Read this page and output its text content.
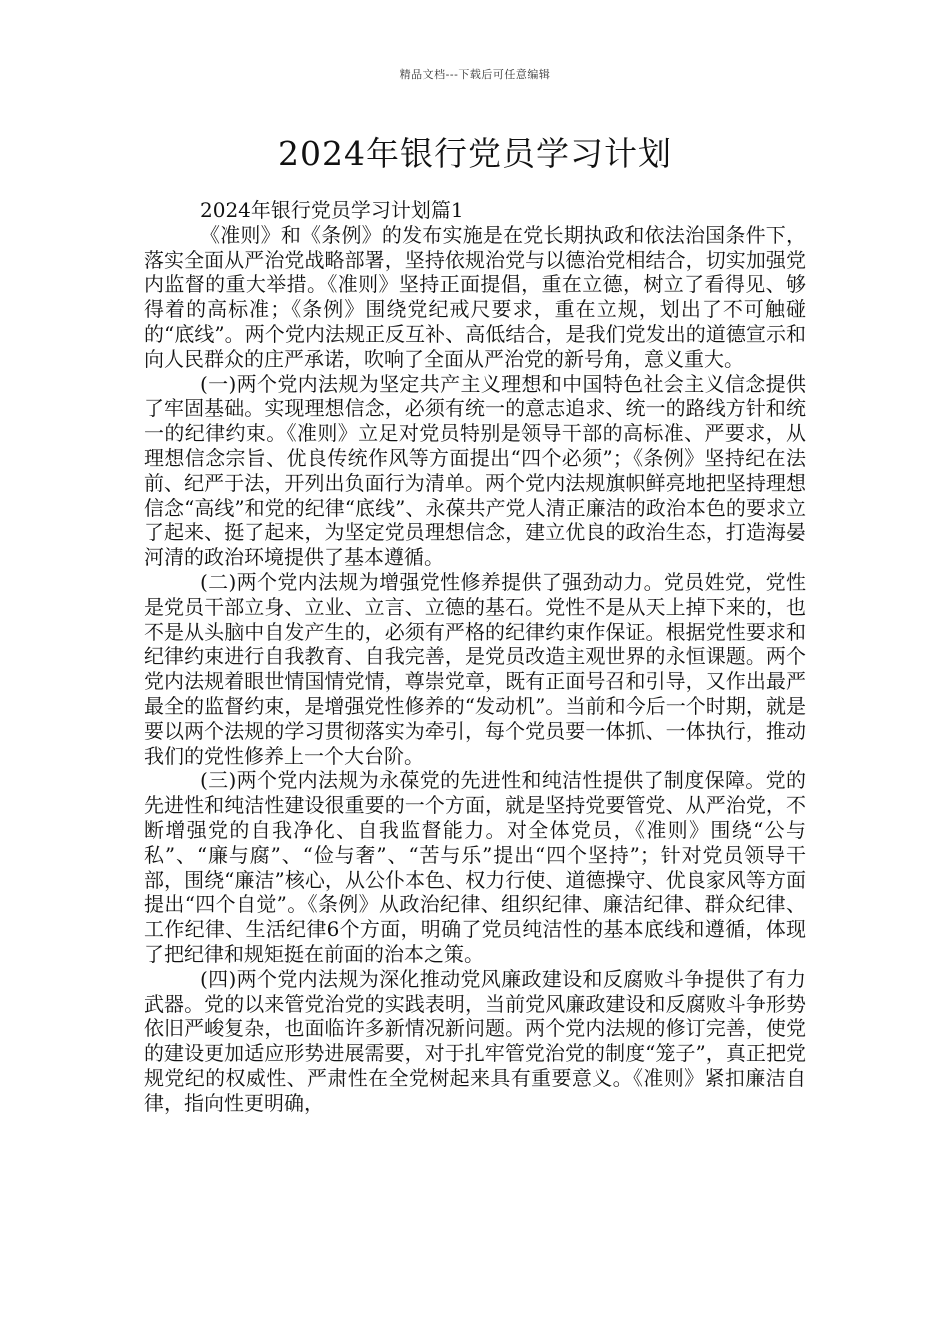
精品文档---下载后可任意编辑
2024年银行党员学习计划

2024年银行党员学习计划篇1

《准则》和《条例》的发布实施是在党长期执政和依法治国条件下，落实全面从严治党战略部署，坚持依规治党与以德治党相结合，切实加强党内监督的重大举措。《准则》坚持正面提倡，重在立德，树立了看得见、够得着的高标准；《条例》围绕党纪戒尺要求，重在立规，划出了不可触碰的“底线”。两个党内法规正反互补、高低结合，是我们党发出的道德宣示和向人民群众的庄严承诺，吹响了全面从严治党的新号角，意义重大。

(一)两个党内法规为坚定共产主义理想和中国特色社会主义信念提供了牢固基础。实现理想信念，必须有统一的意志追求、统一的路线方针和统一的纪律约束。《准则》立足对党员特别是领导干部的高标准、严要求，从理想信念宗旨、优良传统作风等方面提出“四个必须”；《条例》坚持纪在法前、纪严于法，开列出负面行为清单。两个党内法规旗帜鲜亮地把坚持理想信念“高线”和党的纪律“底线”、永葆共产党人清正廉洁的政治本色的要求立了起来、挺了起来，为坚定党员理想信念，建立优良的政治生态，打造海晏河清的政治环境提供了基本遵循。

(二)两个党内法规为增强党性修养提供了强劲动力。党员姓党，党性是党员干部立身、立业、立言、立德的基石。党性不是从天上掉下来的，也不是从头脑中自发产生的，必须有严格的纪律约束作保证。根据党性要求和纪律约束进行自我教育、自我完善，是党员改造主观世界的永恒课题。两个党内法规着眼世情国情党情，尊崇党章，既有正面号召和引导，又作出最严最全的监督约束，是增强党性修养的“发动机”。当前和今后一个时期，就是要以两个法规的学习贯彻落实为牵引，每个党员要一体抓、一体执行，推动我们的党性修养上一个大台阶。

(三)两个党内法规为永葆党的先进性和纯洁性提供了制度保障。党的先进性和纯洁性建设很重要的一个方面，就是坚持党要管党、从严治党，不断增强党的自我净化、自我监督能力。对全体党员，《准则》围绕“公与私”、“廉与腐”、“俭与奢”、“苦与乐”提出“四个坚持”；针对党员领导干部，围绕“廉洁”核心，从公仆本色、权力行使、道德操守、优良家风等方面提出“四个自觉”。《条例》从政治纪律、组织纪律、廉洁纪律、群众纪律、工作纪律、生活纪律6个方面，明确了党员纯洁性的基本底线和遵循，体现了把纪律和规矩挺在前面的治本之策。

(四)两个党内法规为深化推动党风廉政建设和反腐败斗争提供了有力武器。党的以来管党治党的实践表明，当前党风廉政建设和反腐败斗争形势依旧严峻复杂，也面临许多新情况新问题。两个党内法规的修订完善，使党的建设更加适应形势进展需要，对于扎牢管党治党的制度“笼子”，真正把党规党纪的权威性、严肃性在全党树起来具有重要意义。《准则》紧扣廉洁自律，指向性更明确，
